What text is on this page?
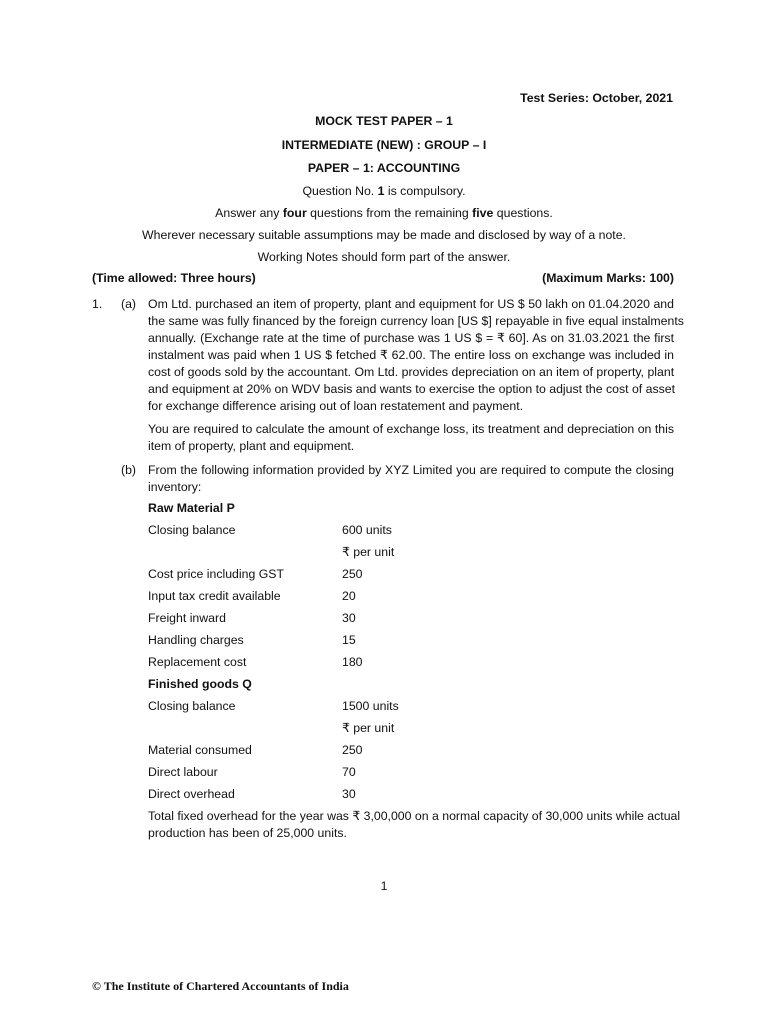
Test Series: October, 2021
MOCK TEST PAPER – 1
INTERMEDIATE (NEW) : GROUP – I
PAPER – 1: ACCOUNTING
Question No. 1 is compulsory.
Answer any four questions from the remaining five questions.
Wherever necessary suitable assumptions may be made and disclosed by way of a note.
Working Notes should form part of the answer.
(Time allowed: Three hours)	(Maximum Marks: 100)
1. (a) Om Ltd. purchased an item of property, plant and equipment for US $ 50 lakh on 01.04.2020 and
the same was fully financed by the foreign currency loan [US $] repayable in five equal instalments
annually. (Exchange rate at the time of purchase was 1 US $ = ₹ 60]. As on 31.03.2021 the first
instalment was paid when 1 US $ fetched ₹ 62.00. The entire loss on exchange was included in
cost of goods sold by the accountant. Om Ltd. provides depreciation on an item of property, plant
and equipment at 20% on WDV basis and wants to exercise the option to adjust the cost of asset
for exchange difference arising out of loan restatement and payment.
You are required to calculate the amount of exchange loss, its treatment and depreciation on this
item of property, plant and equipment.
(b) From the following information provided by XYZ Limited you are required to compute the closing
inventory:
Raw Material P
Closing balance	600 units
₹ per unit
Cost price including GST	250
Input tax credit available	20
Freight inward	30
Handling charges	15
Replacement cost	180
Finished goods Q
Closing balance	1500 units
₹ per unit
Material consumed	250
Direct labour	70
Direct overhead	30
Total fixed overhead for the year was ₹ 3,00,000 on a normal capacity of 30,000 units while actual
production has been of 25,000 units.
1
© The Institute of Chartered Accountants of India
